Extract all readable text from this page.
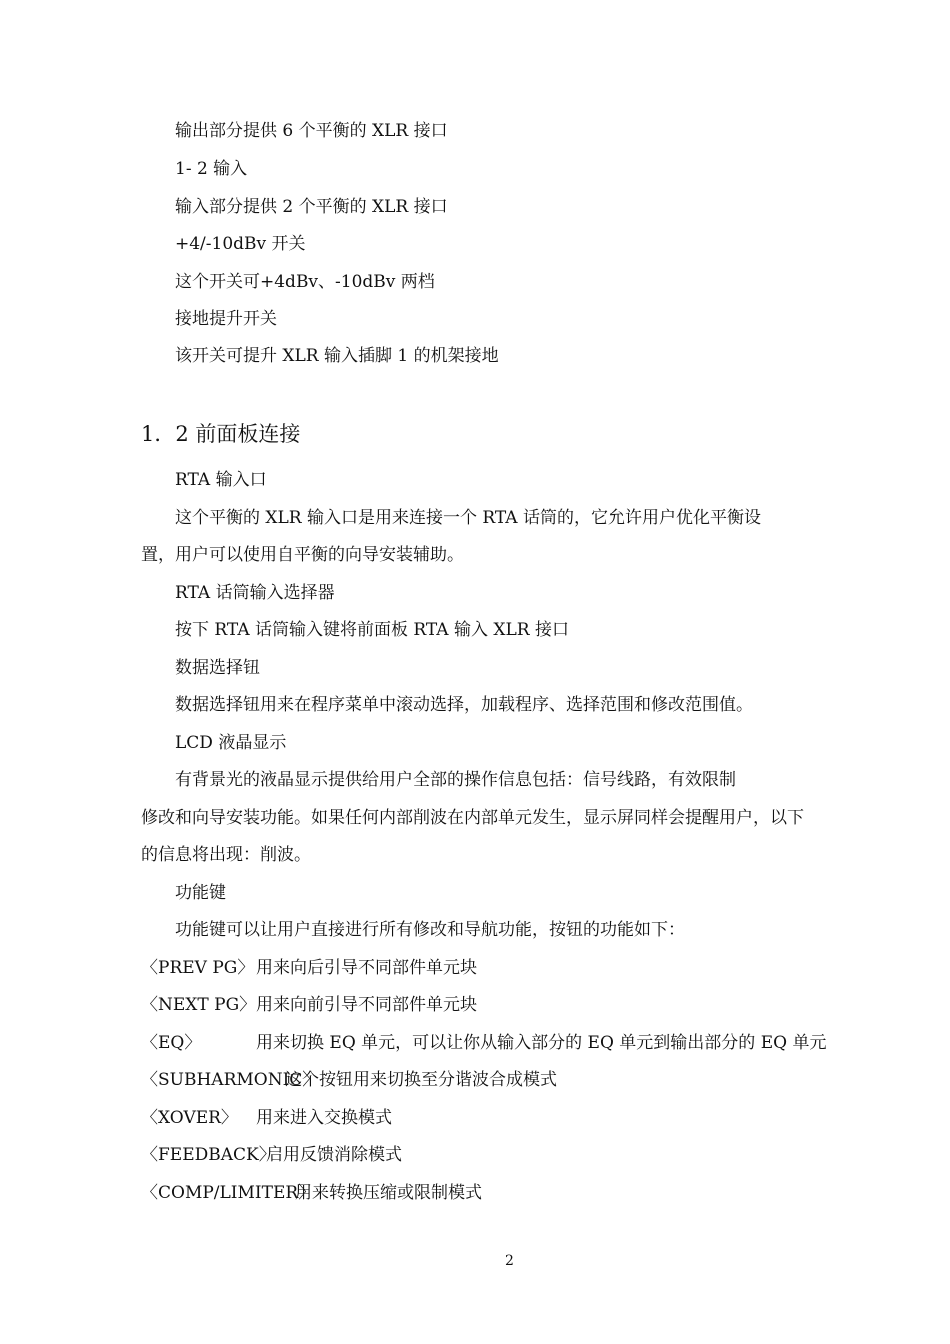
输出部分提供 6 个平衡的 XLR 接口
1- 2 输入
输入部分提供 2 个平衡的 XLR 接口
+4/-10dBv 开关
这个开关可+4dBv、-10dBv 两档
接地提升开关
该开关可提升 XLR 输入插脚 1 的机架接地
1．2 前面板连接
RTA 输入口
这个平衡的 XLR 输入口是用来连接一个 RTA 话筒的，它允许用户优化平衡设
置，用户可以使用自平衡的向导安装辅助。
RTA 话筒输入选择器
按下 RTA 话筒输入键将前面板 RTA 输入 XLR 接口
数据选择钮
数据选择钮用来在程序菜单中滚动选择，加载程序、选择范围和修改范围值。
LCD 液晶显示
有背景光的液晶显示提供给用户全部的操作信息包括：信号线路，有效限制
修改和向导安装功能。如果任何内部削波在内部单元发生，显示屏同样会提醒用户，以下
的信息将出现：削波。
功能键
功能键可以让用户直接进行所有修改和导航功能，按钮的功能如下：
〈PREV PG〉 用来向后引导不同部件单元块
〈NEXT PG〉 用来向前引导不同部件单元块
〈EQ〉	用来切换 EQ 单元，可以让你从输入部分的 EQ 单元到输出部分的 EQ 单元
〈SUBHARMONIC〉
这个按钮用来切换至分谐波合成模式
〈XOVER〉 用来进入交换模式
〈FEEDBACK〉
启用反馈消除模式
〈COMP/LIMITER〉
用来转换压缩或限制模式
2
